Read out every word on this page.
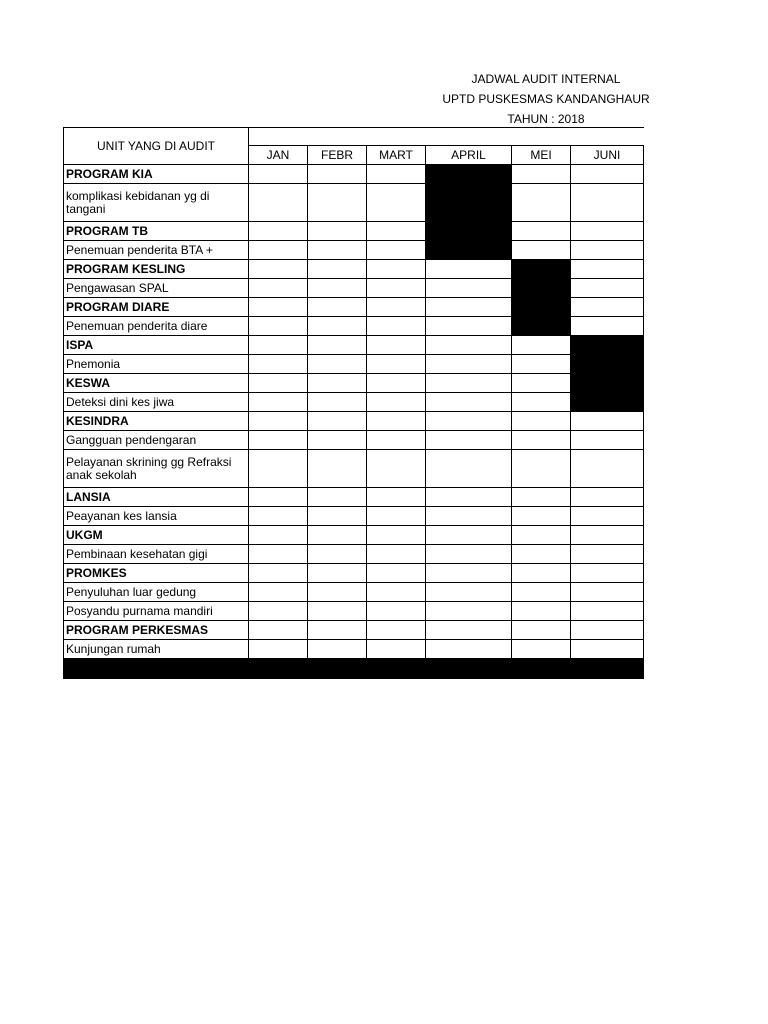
JADWAL AUDIT INTERNAL
UPTD PUSKESMAS KANDANGHAUR
TAHUN : 2018
UNIT YANG DI AUDIT						
	JAN	FEBR	MART	APRIL	MEI	JUNI
PROGRAM KIA						
komplikasi kebidanan yg di tangani						
PROGRAM TB						
Penemuan penderita BTA +						
PROGRAM KESLING						
Pengawasan SPAL						
PROGRAM DIARE						
Penemuan penderita diare						
ISPA						
Pnemonia						
KESWA						
Deteksi dini kes jiwa						
KESINDRA						
Gangguan pendengaran						
Pelayanan skrining gg Refraksi anak sekolah						
LANSIA						
Peayanan kes lansia						
UKGM						
Pembinaan kesehatan gigi						
PROMKES						
Penyuluhan luar gedung						
Posyandu purnama mandiri						
PROGRAM PERKESMAS						
Kunjungan rumah						
